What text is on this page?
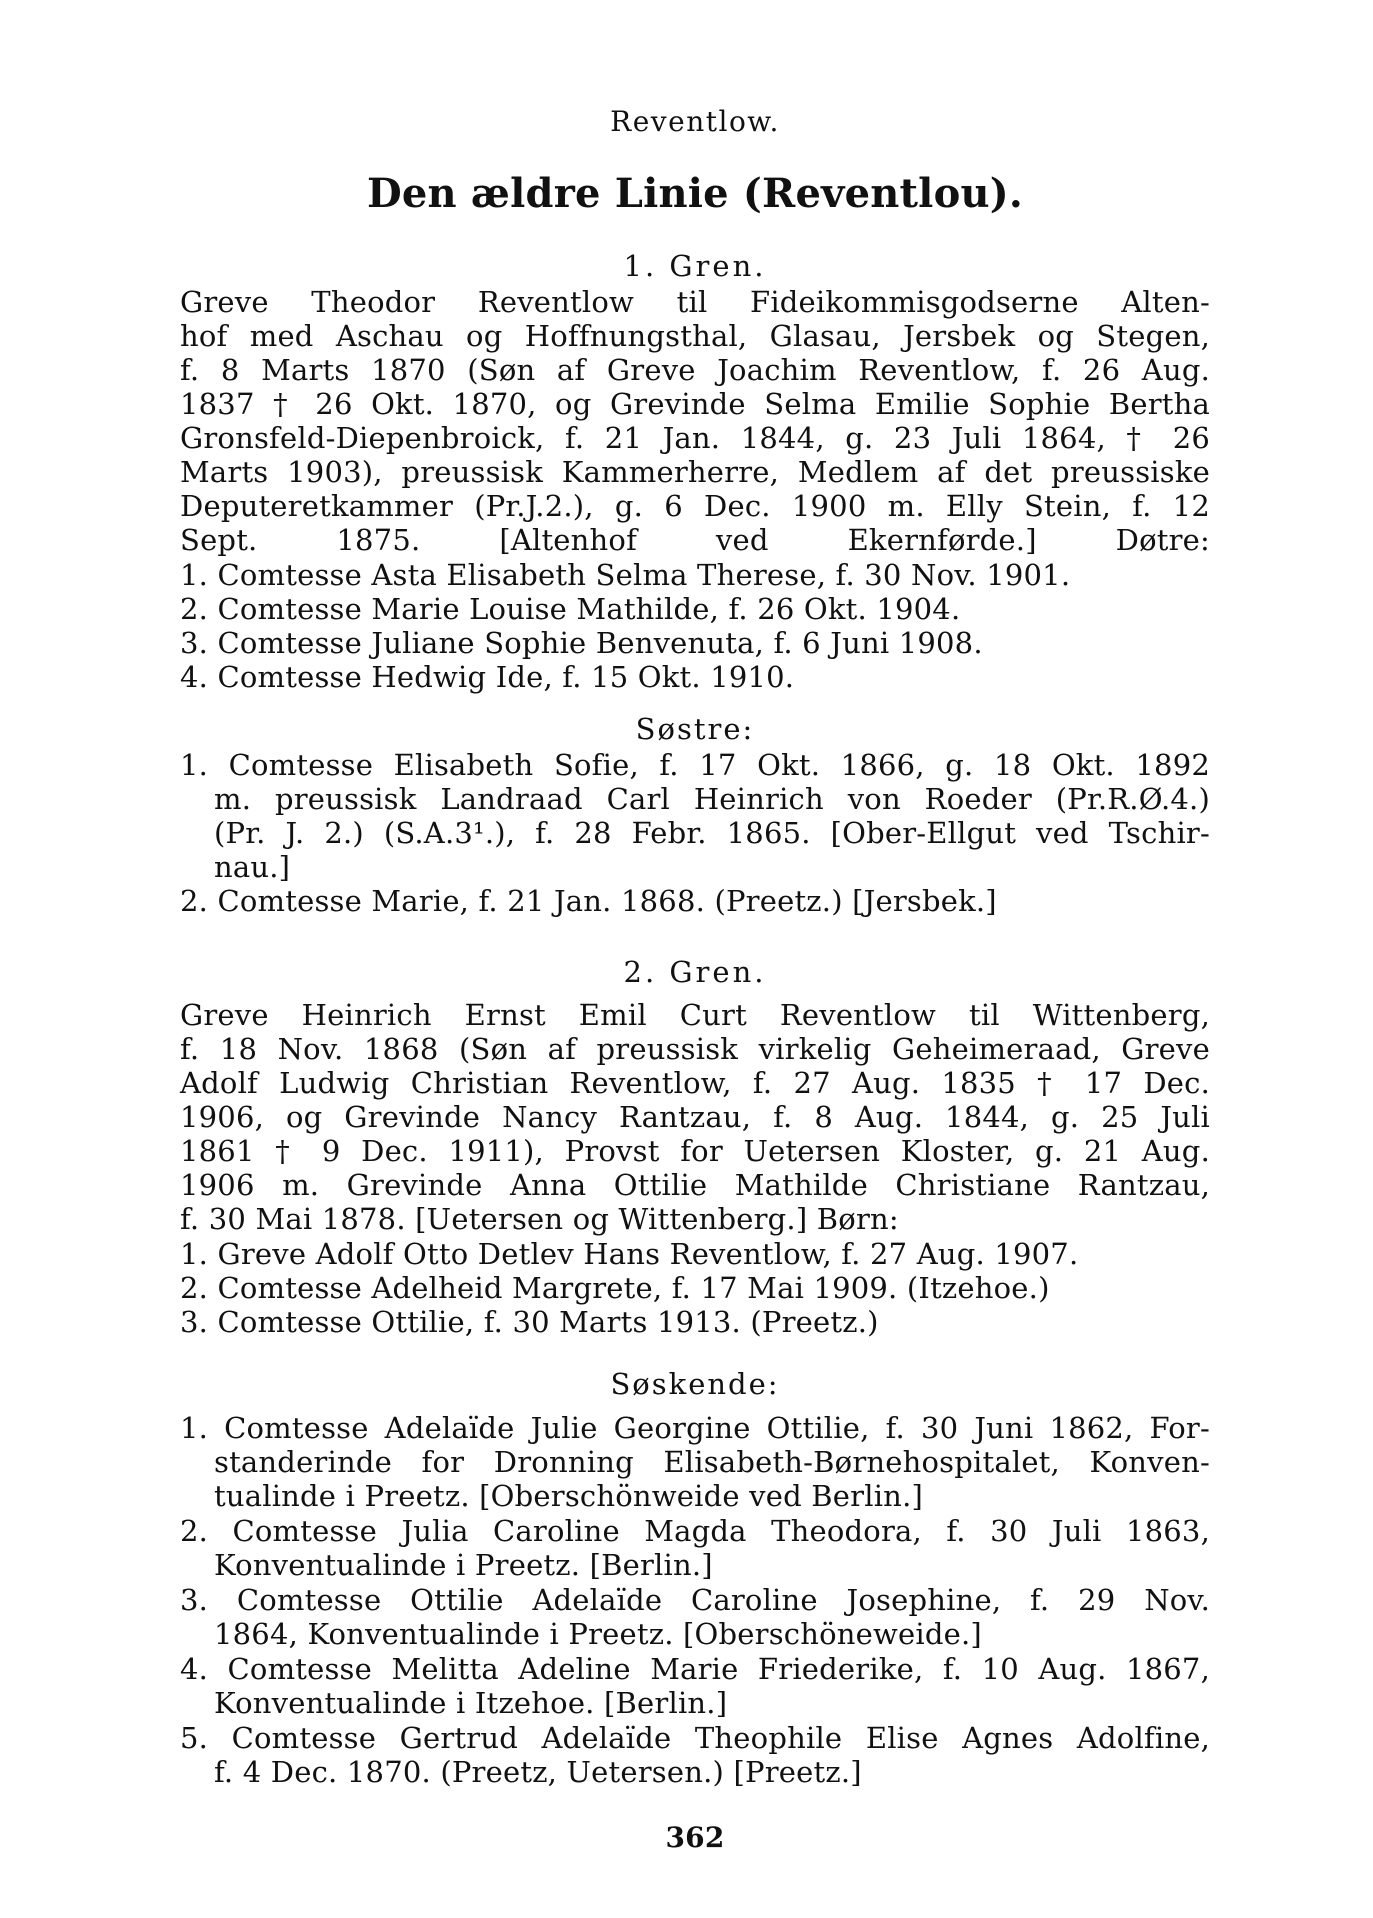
Reventlow.
Den ældre Linie (Reventlou).
1. Gren.
Greve Theodor Reventlow til Fideikommisgodserne Alten-
hof med Aschau og Hoffnungsthal, Glasau, Jersbek og Stegen,
f. 8 Marts 1870 (Søn af Greve Joachim Reventlow, f. 26 Aug.
1837 † 26 Okt. 1870, og Grevinde Selma Emilie Sophie Bertha
Gronsfeld-Diepenbroick, f. 21 Jan. 1844, g. 23 Juli 1864, † 26
Marts 1903), preussisk Kammerherre, Medlem af det preussiske
Deputeretkammer (Pr.J.2.), g. 6 Dec. 1900 m. Elly Stein, f. 12
Sept. 1875. [Altenhof ved Ekernførde.] Døtre:
1. Comtesse Asta Elisabeth Selma Therese, f. 30 Nov. 1901.
2. Comtesse Marie Louise Mathilde, f. 26 Okt. 1904.
3. Comtesse Juliane Sophie Benvenuta, f. 6 Juni 1908.
4. Comtesse Hedwig Ide, f. 15 Okt. 1910.
Søstre:
1. Comtesse Elisabeth Sofie, f. 17 Okt. 1866, g. 18 Okt. 1892
m. preussisk Landraad Carl Heinrich von Roeder (Pr.R.Ø.4.)
(Pr. J. 2.) (S.A.3¹.), f. 28 Febr. 1865. [Ober-Ellgut ved Tschir-
nau.]
2. Comtesse Marie, f. 21 Jan. 1868. (Preetz.) [Jersbek.]
2. Gren.
Greve Heinrich Ernst Emil Curt Reventlow til Wittenberg,
f. 18 Nov. 1868 (Søn af preussisk virkelig Geheimeraad, Greve
Adolf Ludwig Christian Reventlow, f. 27 Aug. 1835 † 17 Dec.
1906, og Grevinde Nancy Rantzau, f. 8 Aug. 1844, g. 25 Juli
1861 † 9 Dec. 1911), Provst for Uetersen Kloster, g. 21 Aug.
1906 m. Grevinde Anna Ottilie Mathilde Christiane Rantzau,
f. 30 Mai 1878. [Uetersen og Wittenberg.] Børn:
1. Greve Adolf Otto Detlev Hans Reventlow, f. 27 Aug. 1907.
2. Comtesse Adelheid Margrete, f. 17 Mai 1909. (Itzehoe.)
3. Comtesse Ottilie, f. 30 Marts 1913. (Preetz.)
Søskende:
1. Comtesse Adelaïde Julie Georgine Ottilie, f. 30 Juni 1862, For-
standerinde for Dronning Elisabeth-Børnehospitalet, Konven-
tualinde i Preetz. [Oberschönweide ved Berlin.]
2. Comtesse Julia Caroline Magda Theodora, f. 30 Juli 1863,
Konventualinde i Preetz. [Berlin.]
3. Comtesse Ottilie Adelaïde Caroline Josephine, f. 29 Nov.
1864, Konventualinde i Preetz. [Oberschöneweide.]
4. Comtesse Melitta Adeline Marie Friederike, f. 10 Aug. 1867,
Konventualinde i Itzehoe. [Berlin.]
5. Comtesse Gertrud Adelaïde Theophile Elise Agnes Adolfine,
f. 4 Dec. 1870. (Preetz, Uetersen.) [Preetz.]
362
